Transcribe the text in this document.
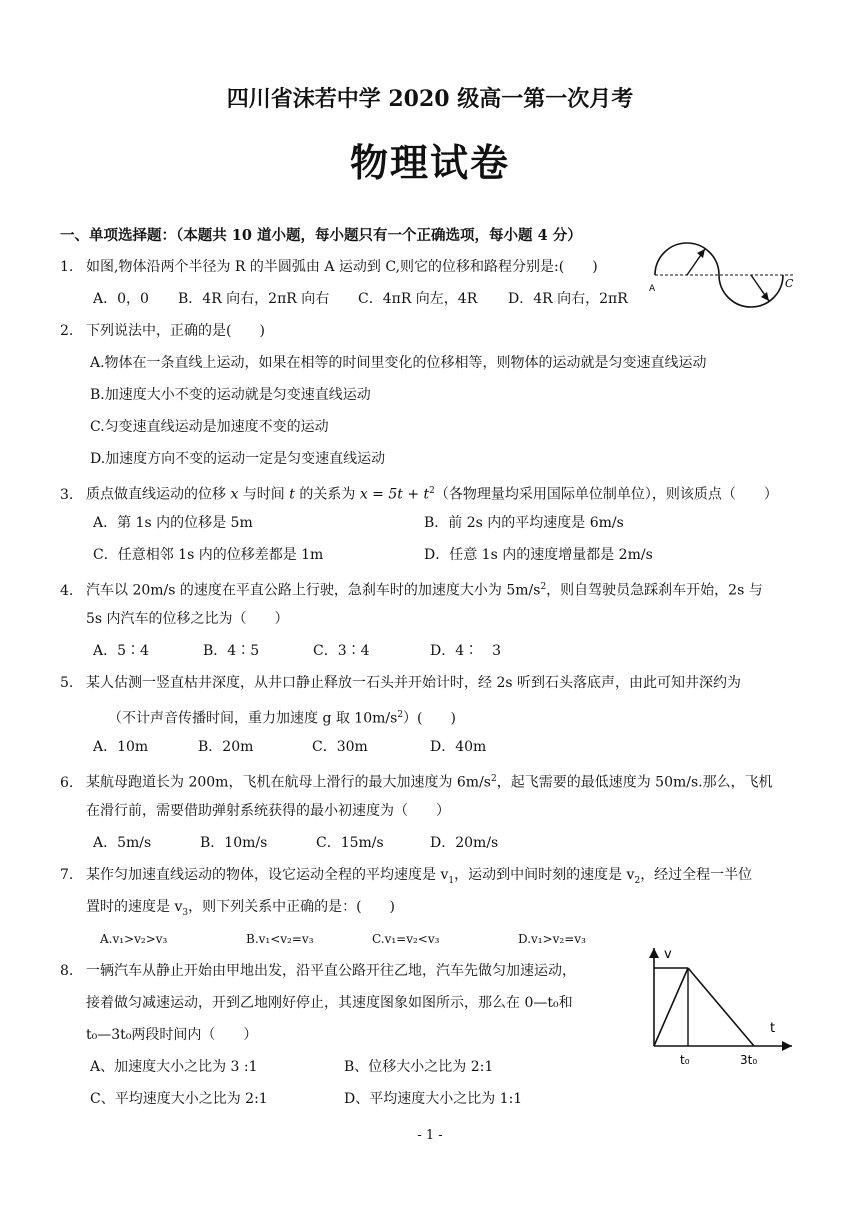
四川省沫若中学 2020 级高一第一次月考
物理试卷
一、单项选择题：（本题共 10 道小题，每小题只有一个正确选项，每小题 4 分）
1. 如图,物体沿两个半径为 R 的半圆弧由 A 运动到 C,则它的位移和路程分别是:(　　)
A．0，0 B．4R 向右，2πR 向右 C．4πR 向左，4R D．4R 向右，2πR
A	C
2. 下列说法中，正确的是(　　)
A.物体在一条直线上运动，如果在相等的时间里变化的位移相等，则物体的运动就是匀变速直线运动
B.加速度大小不变的运动就是匀变速直线运动
C.匀变速直线运动是加速度不变的运动
D.加速度方向不变的运动一定是匀变速直线运动
3. 质点做直线运动的位移 x 与时间 t 的关系为 $x = 5t + t^2$（各物理量均采用国际单位制单位），则该质点（　　）
A．第 1s 内的位移是 5m	B．前 2s 内的平均速度是 6m/s
C．任意相邻 1s 内的位移差都是 1m	D．任意 1s 内的速度增量都是 2m/s
4. 汽车以 20m/s 的速度在平直公路上行驶，急刹车时的加速度大小为 $5m/s^2$，则自驾驶员急踩刹车开始，2s 与
5s 内汽车的位移之比为（　　）
A．5∶4	B．4∶5	C．3∶4	D．4∶　3
5. 某人估测一竖直枯井深度，从井口静止释放一石头并开始计时，经 2s 听到石头落底声，由此可知井深约为
（不计声音传播时间，重力加速度 g 取 $10m/s^2$）(　　)
A．10m	B．20m	C．30m	D．40m
6. 某航母跑道长为 200m，飞机在航母上滑行的最大加速度为 $6m/s^2$，起飞需要的最低速度为 50m/s.那么，飞机
在滑行前，需要借助弹射系统获得的最小初速度为（　　）
A．5m/s	B．10m/s	C．15m/s	D．20m/s
7. 某作匀加速直线运动的物体，设它运动全程的平均速度是 $v_1$，运动到中间时刻的速度是 $v_2$，经过全程一半位
置时的速度是 $v_3$，则下列关系中正确的是：(　　)
A.v₁>v₂>v₃	B.v₁<v₂=v₃	C.v₁=v₂<v₃	D.v₁>v₂=v₃
8. 一辆汽车从静止开始由甲地出发，沿平直公路开往乙地，汽车先做匀加速运动，
接着做匀减速运动，开到乙地刚好停止，其速度图象如图所示，那么在 0—t₀和
t₀—3t₀两段时间内（　　）
A、加速度大小之比为 3 :1	B、位移大小之比为 2:1
C、平均速度大小之比为 2:1	D、平均速度大小之比为 1:1
v
t
t₀	3t₀
- 1 -
